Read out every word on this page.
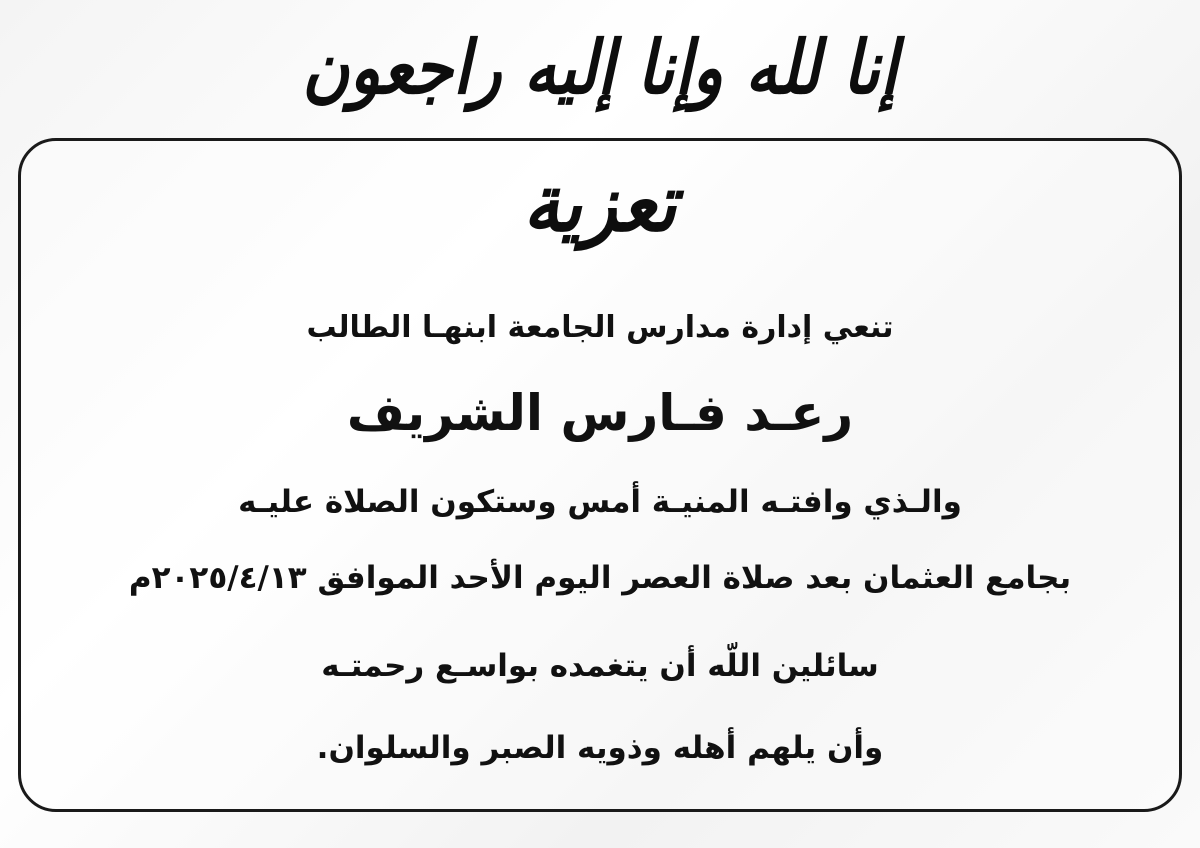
إنا لله وإنا إليه راجعون
تعزية
تنعي إدارة مدارس الجامعة ابنهـا الطالب
رعـد فـارس الشريف
والـذي وافتـه المنيـة أمس وستكون الصلاة عليـه
بجامع العثمان بعد صلاة العصر اليوم الأحد الموافق ٢٠٢٥/٤/١٣م
سائلين اللّه أن يتغمده بواسـع رحمتـه
وأن يلهم أهله وذويه الصبر والسلوان.
